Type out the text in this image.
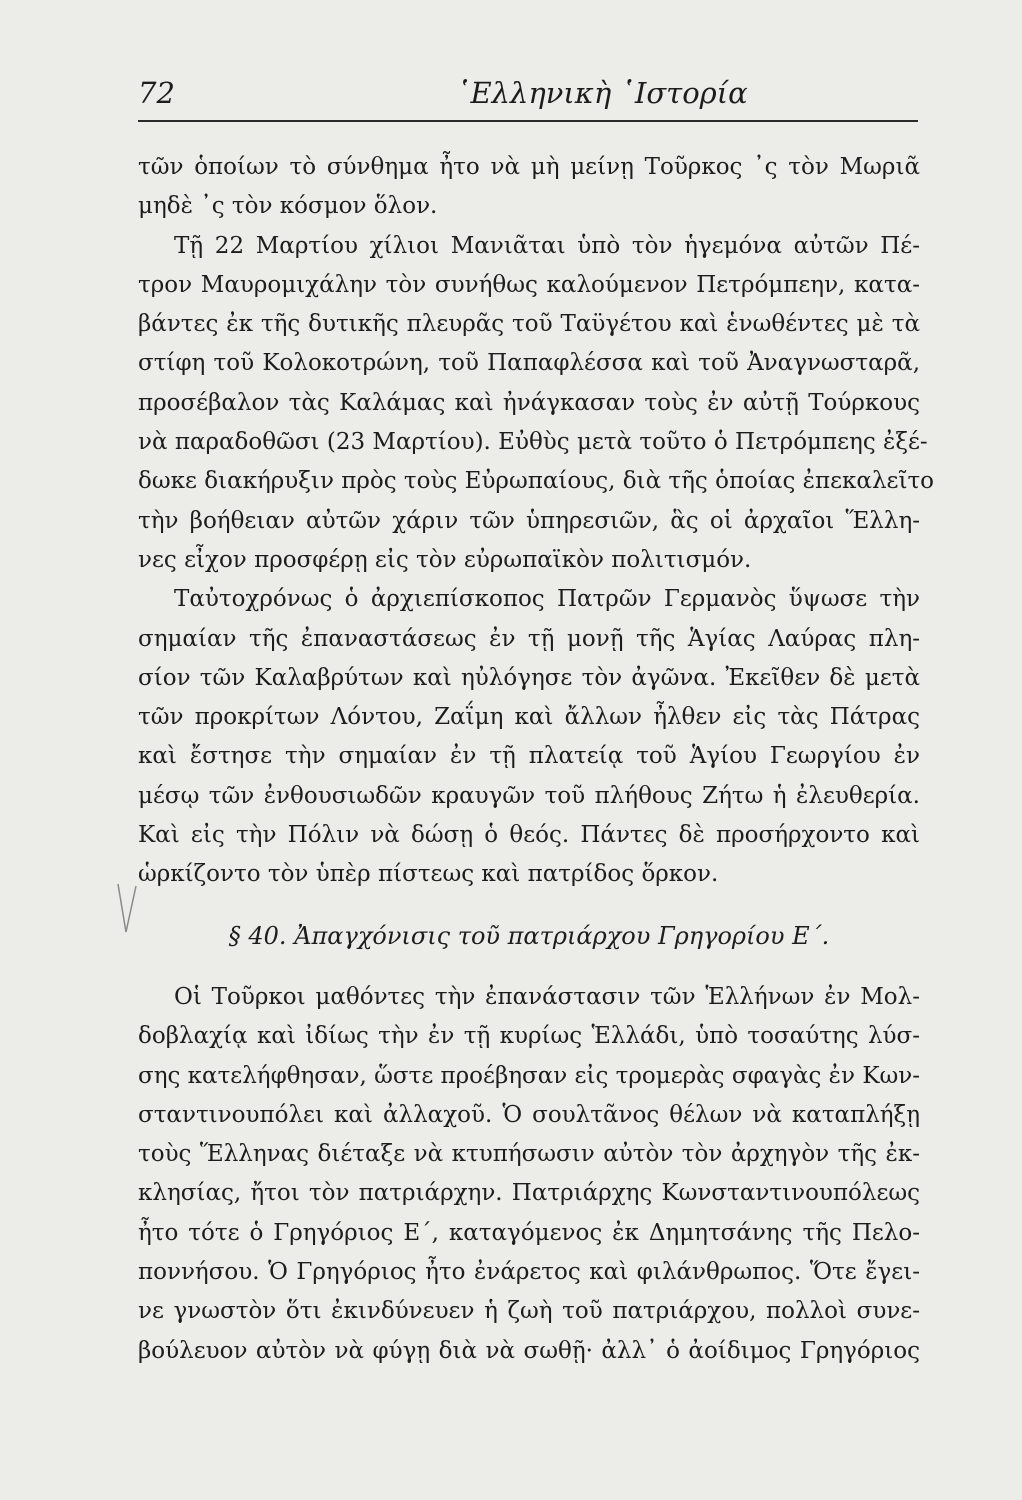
72	῾Ελληνικὴ ῾Ιστορία
τῶν ὁποίων τὸ σύνθημα ἦτο νὰ μὴ μείνῃ Τοῦρκος ᾽ς τὸν Μωριᾶ
μηδὲ ᾽ς τὸν κόσμον ὅλον.
Τῇ 22 Μαρτίου χίλιοι Μανιᾶται ὑπὸ τὸν ἡγεμόνα αὐτῶν Πέ-
τρον Μαυρομιχάλην τὸν συνήθως καλούμενον Πετρόμπεην, κατα-
βάντες ἐκ τῆς δυτικῆς πλευρᾶς τοῦ Ταϋγέτου καὶ ἑνωθέντες μὲ τὰ
στίφη τοῦ Κολοκοτρώνη, τοῦ Παπαφλέσσα καὶ τοῦ Ἀναγνωσταρᾶ,
προσέβαλον τὰς Καλάμας καὶ ἠνάγκασαν τοὺς ἐν αὐτῇ Τούρκους
νὰ παραδοθῶσι (23 Μαρτίου). Εὐθὺς μετὰ τοῦτο ὁ Πετρόμπεης ἐξέ-
δωκε διακήρυξιν πρὸς τοὺς Εὐρωπαίους, διὰ τῆς ὁποίας ἐπεκαλεῖτο
τὴν βοήθειαν αὐτῶν χάριν τῶν ὑπηρεσιῶν, ἃς οἱ ἀρχαῖοι Ἕλλη-
νες εἶχον προσφέρῃ εἰς τὸν εὐρωπαϊκὸν πολιτισμόν.
Ταὐτοχρόνως ὁ ἀρχιεπίσκοπος Πατρῶν Γερμανὸς ὕψωσε τὴν
σημαίαν τῆς ἐπαναστάσεως ἐν τῇ μονῇ τῆς Ἁγίας Λαύρας πλη-
σίον τῶν Καλαβρύτων καὶ ηὐλόγησε τὸν ἀγῶνα. Ἐκεῖθεν δὲ μετὰ
τῶν προκρίτων Λόντου, Ζαΐμη καὶ ἄλλων ἦλθεν εἰς τὰς Πάτρας
καὶ ἔστησε τὴν σημαίαν ἐν τῇ πλατείᾳ τοῦ Ἁγίου Γεωργίου ἐν
μέσῳ τῶν ἐνθουσιωδῶν κραυγῶν τοῦ πλήθους Ζήτω ἡ ἐλευθερία.
Καὶ εἰς τὴν Πόλιν νὰ δώσῃ ὁ θεός. Πάντες δὲ προσήρχοντο καὶ
ὡρκίζοντο τὸν ὑπὲρ πίστεως καὶ πατρίδος ὅρκον.
§ 40. Ἀπαγχόνισις τοῦ πατριάρχου Γρηγορίου Ε΄.
Οἱ Τοῦρκοι μαθόντες τὴν ἐπανάστασιν τῶν Ἑλλήνων ἐν Μολ-
δοβλαχίᾳ καὶ ἰδίως τὴν ἐν τῇ κυρίως Ἑλλάδι, ὑπὸ τοσαύτης λύσ-
σης κατελήφθησαν, ὥστε προέβησαν εἰς τρομερὰς σφαγὰς ἐν Κων-
σταντινουπόλει καὶ ἀλλαχοῦ. Ὁ σουλτᾶνος θέλων νὰ καταπλήξῃ
τοὺς Ἕλληνας διέταξε νὰ κτυπήσωσιν αὐτὸν τὸν ἀρχηγὸν τῆς ἐκ-
κλησίας, ἤτοι τὸν πατριάρχην. Πατριάρχης Κωνσταντινουπόλεως
ἦτο τότε ὁ Γρηγόριος Ε΄, καταγόμενος ἐκ Δημητσάνης τῆς Πελο-
ποννήσου. Ὁ Γρηγόριος ἦτο ἐνάρετος καὶ φιλάνθρωπος. Ὅτε ἔγει-
νε γνωστὸν ὅτι ἐκινδύνευεν ἡ ζωὴ τοῦ πατριάρχου, πολλοὶ συνε-
βούλευον αὐτὸν νὰ φύγῃ διὰ νὰ σωθῇ· ἀλλ᾽ ὁ ἀοίδιμος Γρηγόριος
